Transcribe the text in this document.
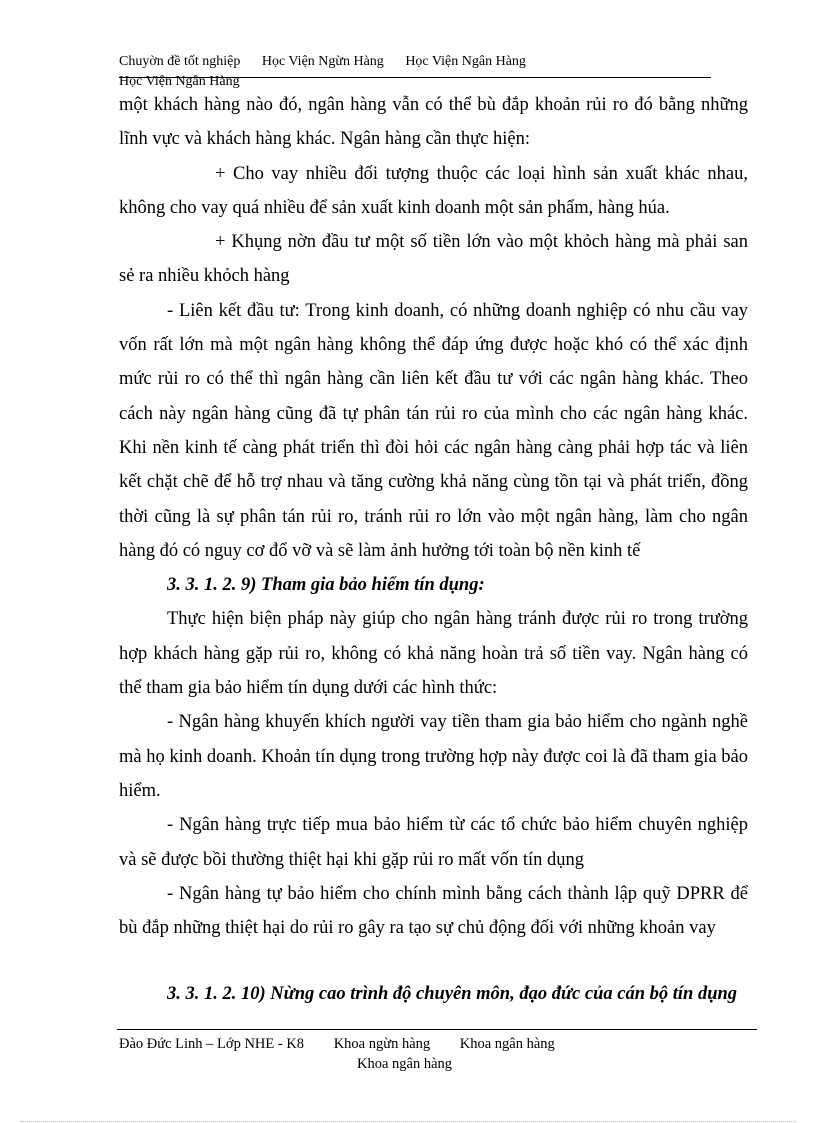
Chuyờn đề tốt nghiệp Học Viện Ngừn Hàng Học Viện Ngân Hàng
Học Viện Ngân Hàng

một khách hàng nào đó, ngân hàng vẫn có thể bù đắp khoản rủi ro đó bằng những lĩnh vực và khách hàng khác. Ngân hàng cần thực hiện:

+ Cho vay nhiều đối tượng thuộc các loại hình sản xuất khác nhau, không cho vay quá nhiều để sản xuất kinh doanh một sản phẩm, hàng húa.

+ Khụng nờn đầu tư một số tiền lớn vào một khỏch hàng mà phải san sẻ ra nhiều khỏch hàng

- Liên kết đầu tư: Trong kinh doanh, có những doanh nghiệp có nhu cầu vay vốn rất lớn mà một ngân hàng không thể đáp ứng được hoặc khó có thể xác định mức rủi ro có thể thì ngân hàng cần liên kết đầu tư với các ngân hàng khác. Theo cách này ngân hàng cũng đã tự phân tán rủi ro của mình cho các ngân hàng khác. Khi nền kinh tế càng phát triển thì đòi hỏi các ngân hàng càng phải hợp tác và liên kết chặt chẽ để hỗ trợ nhau và tăng cường khả năng cùng tồn tại và phát triển, đồng thời cũng là sự phân tán rủi ro, tránh rủi ro lớn vào một ngân hàng, làm cho ngân hàng đó có nguy cơ đổ vỡ và sẽ làm ảnh hưởng tới toàn bộ nền kinh tế

3. 3. 1. 2. 9) Tham gia bảo hiểm tín dụng:

Thực hiện biện pháp này giúp cho ngân hàng tránh được rủi ro trong trường hợp khách hàng gặp rủi ro, không có khả năng hoàn trả số tiền vay. Ngân hàng có thể tham gia bảo hiểm tín dụng dưới các hình thức:

- Ngân hàng khuyến khích người vay tiền tham gia bảo hiểm cho ngành nghề mà họ kinh doanh. Khoản tín dụng trong trường hợp này được coi là đã tham gia bảo hiểm.

- Ngân hàng trực tiếp mua bảo hiểm từ các tổ chức bảo hiểm chuyên nghiệp và sẽ được bồi thường thiệt hại khi gặp rủi ro mất vốn tín dụng

- Ngân hàng tự bảo hiểm cho chính mình bằng cách thành lập quỹ DPRR để bù đắp những thiệt hại do rủi ro gây ra tạo sự chủ động đối với những khoản vay

3. 3. 1. 2. 10) Nừng cao trình độ chuyên môn, đạo đức của cán bộ tín dụng

Đào Đức Linh – Lớp NHE - K8 Khoa ngừn hàng Khoa ngân hàng
Khoa ngân hàng
